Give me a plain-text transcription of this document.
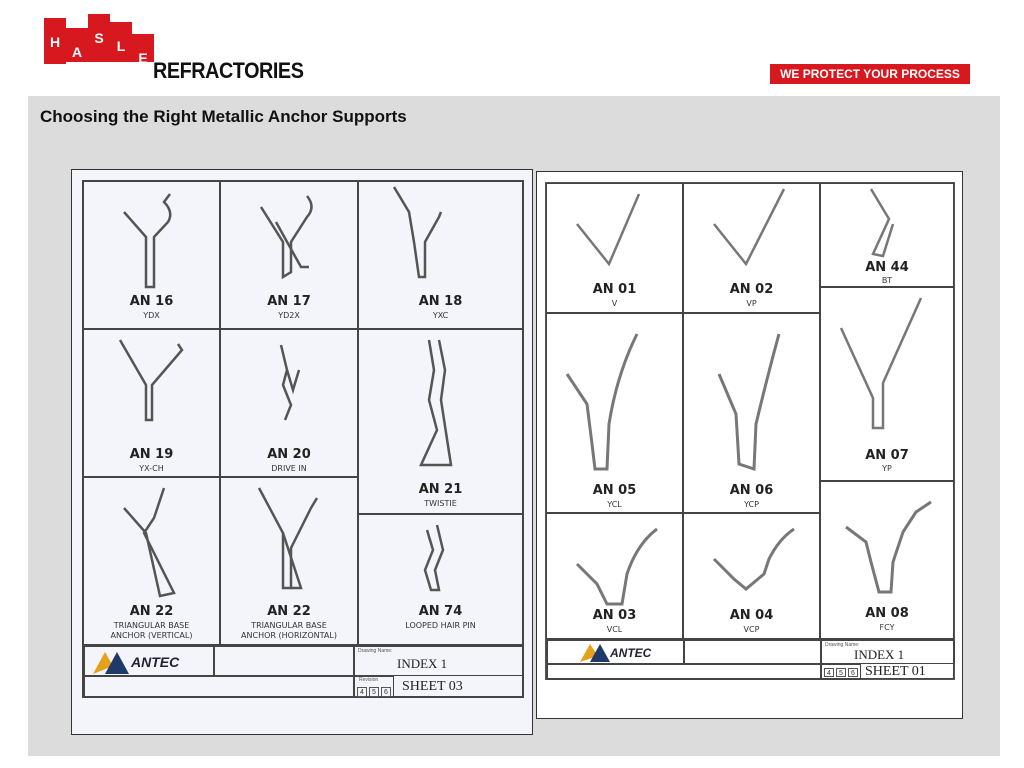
H
A
S L
E REFRACTORIES	WE PROTECT YOUR PROCESS
Choosing the Right Metallic Anchor Supports
AN 16
YDX
AN 17
YD2X
AN 18
YXC
AN 19
YX-CH
AN 20
DRIVE IN
AN 21
TWISTIE
AN 22
TRIANGULAR BASE
ANCHOR (VERTICAL)
AN 22
TRIANGULAR BASE
ANCHOR (HORIZONTAL)
AN 74
LOOPED HAIR PIN
ANTEC
Drawing Name:
INDEX 1
Revision
4	5	6 SHEET 03
AN 01
V
AN 02
VP
AN 44
BT
AN 05
YCL
AN 06
YCP
AN 07
YP
AN 03
VCL
AN 04
VCP
AN 08
FCY
ANTEC
Drawing Name:
INDEX 1
4	5	6 SHEET 01
